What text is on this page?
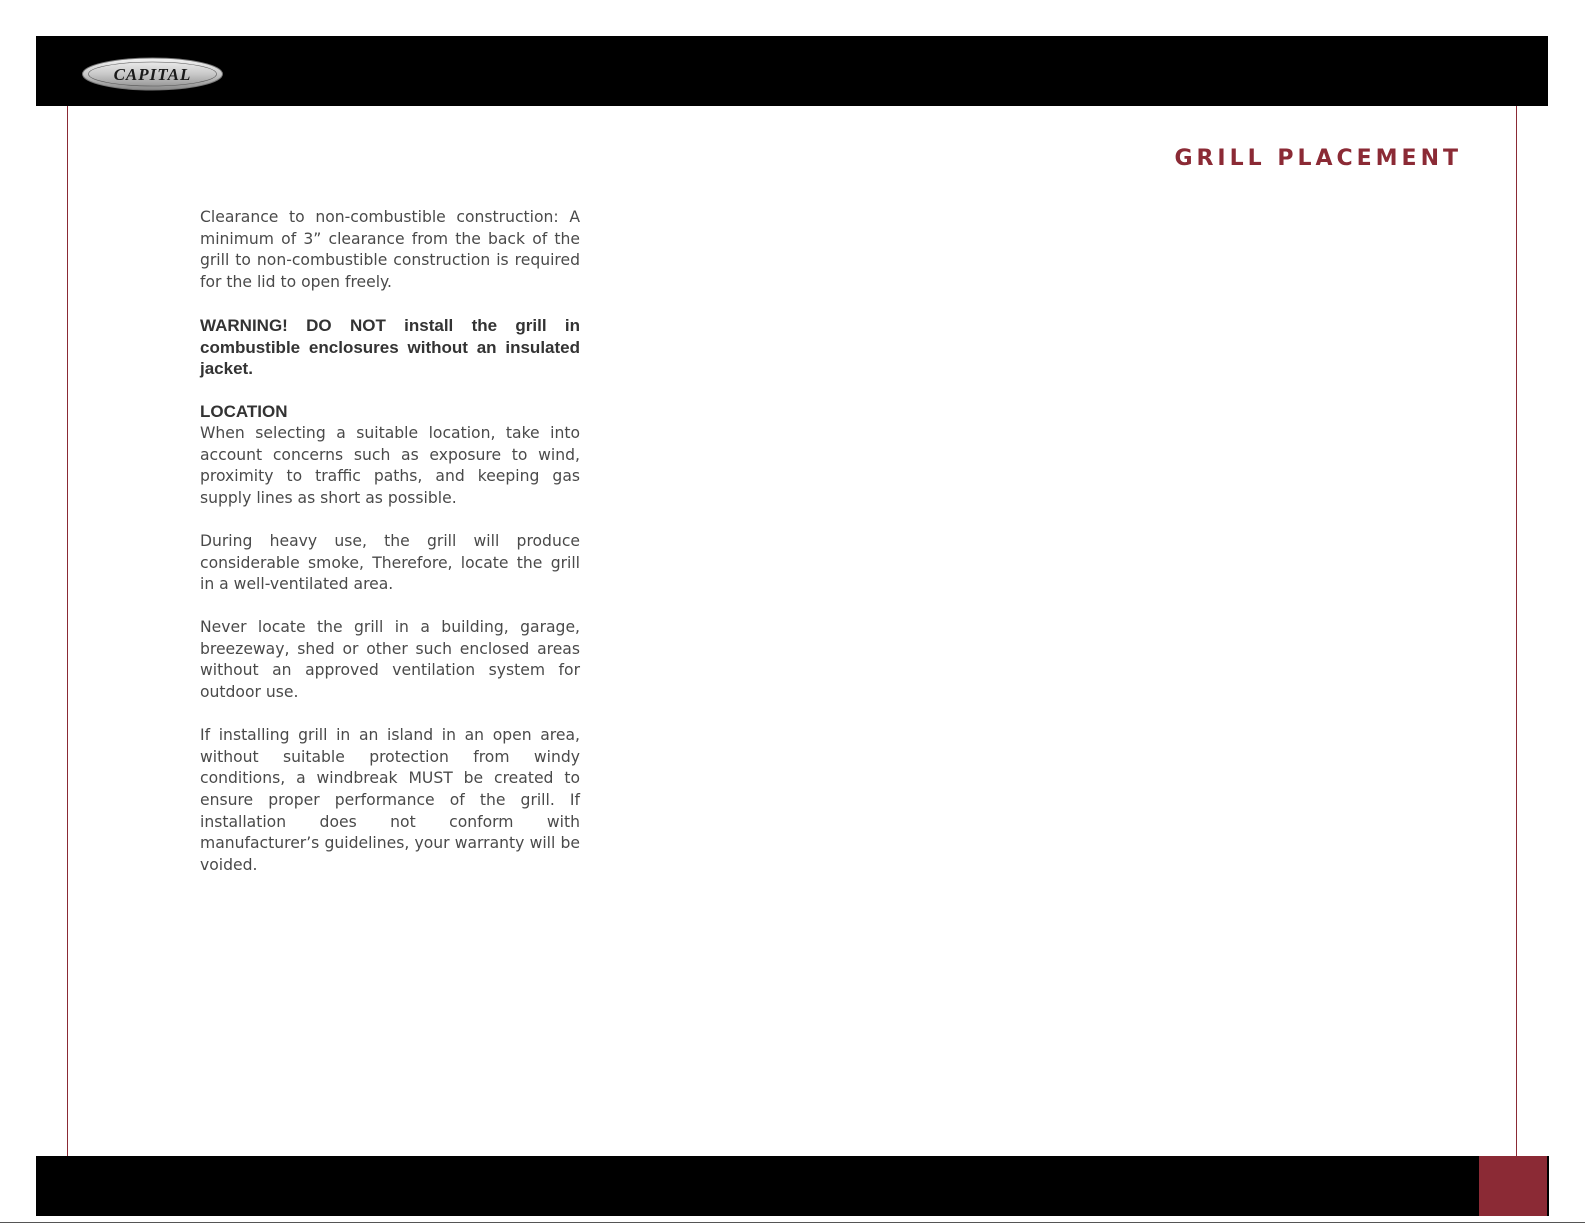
CAPITAL
GRILL PLACEMENT

Clearance to non-combustible construction: A minimum of 3” clearance from the back of the grill to non-combustible construction is required for the lid to open freely.

WARNING! DO NOT install the grill in combustible enclosures without an insulated jacket.

LOCATION

When selecting a suitable location, take into account concerns such as exposure to wind, proximity to traffic paths, and keeping gas supply lines as short as possible.

During heavy use, the grill will produce considerable smoke, Therefore, locate the grill in a well-ventilated area.

Never locate the grill in a building, garage, breezeway, shed or other such enclosed areas without an approved ventilation system for outdoor use.

If installing grill in an island in an open area, without suitable protection from windy conditions, a windbreak MUST be created to ensure proper performance of the grill. If installation does not conform with manufacturer’s guidelines, your warranty will be voided.
